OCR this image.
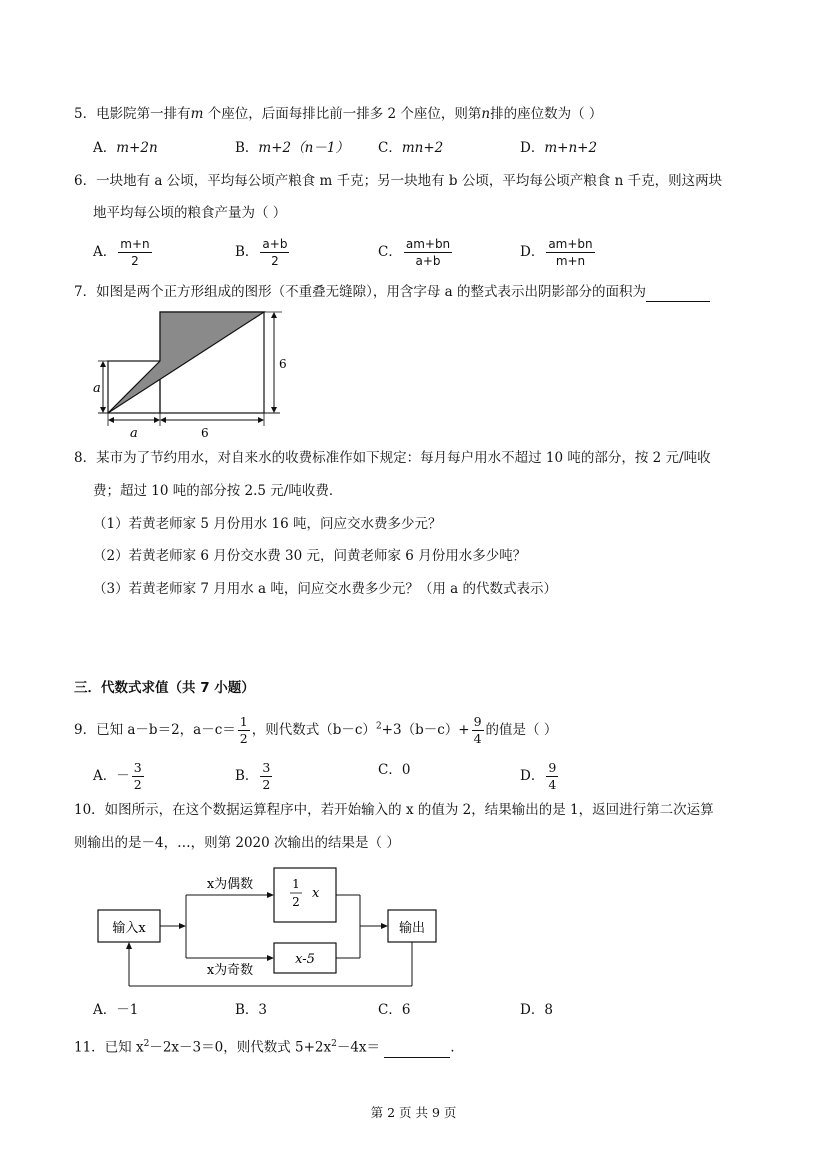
5．电影院第一排有m 个座位，后面每排比前一排多 2 个座位，则第n排的座位数为（ ）
A．m+2n	B．m+2（n－1） C．mn+2	D．m+n+2
6．一块地有 a 公顷，平均每公顷产粮食 m 千克；另一块地有 b 公顷，平均每公顷产粮食 n 千克，则这两块
地平均每公顷的粮食产量为（ ）
A． $\frac{m+n}{2}$	B． $\frac{a+b}{2}$	C． $\frac{am+bn}{a+b}$	D． $\frac{am+bn}{m+n}$
7．如图是两个正方形组成的图形（不重叠无缝隙），用含字母 a 的整式表示出阴影部分的面积为
a
6
a	6
8．某市为了节约用水，对自来水的收费标准作如下规定：每月每户用水不超过 10 吨的部分，按 2 元/吨收
费；超过 10 吨的部分按 2.5 元/吨收费．
（1）若黄老师家 5 月份用水 16 吨，问应交水费多少元？
（2）若黄老师家 6 月份交水费 30 元，问黄老师家 6 月份用水多少吨？
（3）若黄老师家 7 月用水 a 吨，问应交水费多少元？（用 a 的代数式表示）
三．代数式求值（共 7 小题）
9．已知 a－b＝2，$a-c= \frac{1}{2}$ ，则代数式$(b-c)^2+3(b-c)+ \frac{9}{4}$ 的值是（ ）
A．－ $\frac{3}{2}$	B． $\frac{3}{2}$	C．0	D． $\frac{9}{4}$
10．如图所示，在这个数据运算程序中，若开始输入的 x 的值为 2，结果输出的是 1，返回进行第二次运算
则输出的是－4，…，则第 2020 次输出的结果是（ ）
输入x
x为偶数	1
2
x
x为奇数
x-5
输出
A．－1	B．3	C．6	D．8
11．已知 $x^2-2x-3=0$，则代数式 $5+2x^2-4x=$	．
第 2 页 共 9 页
